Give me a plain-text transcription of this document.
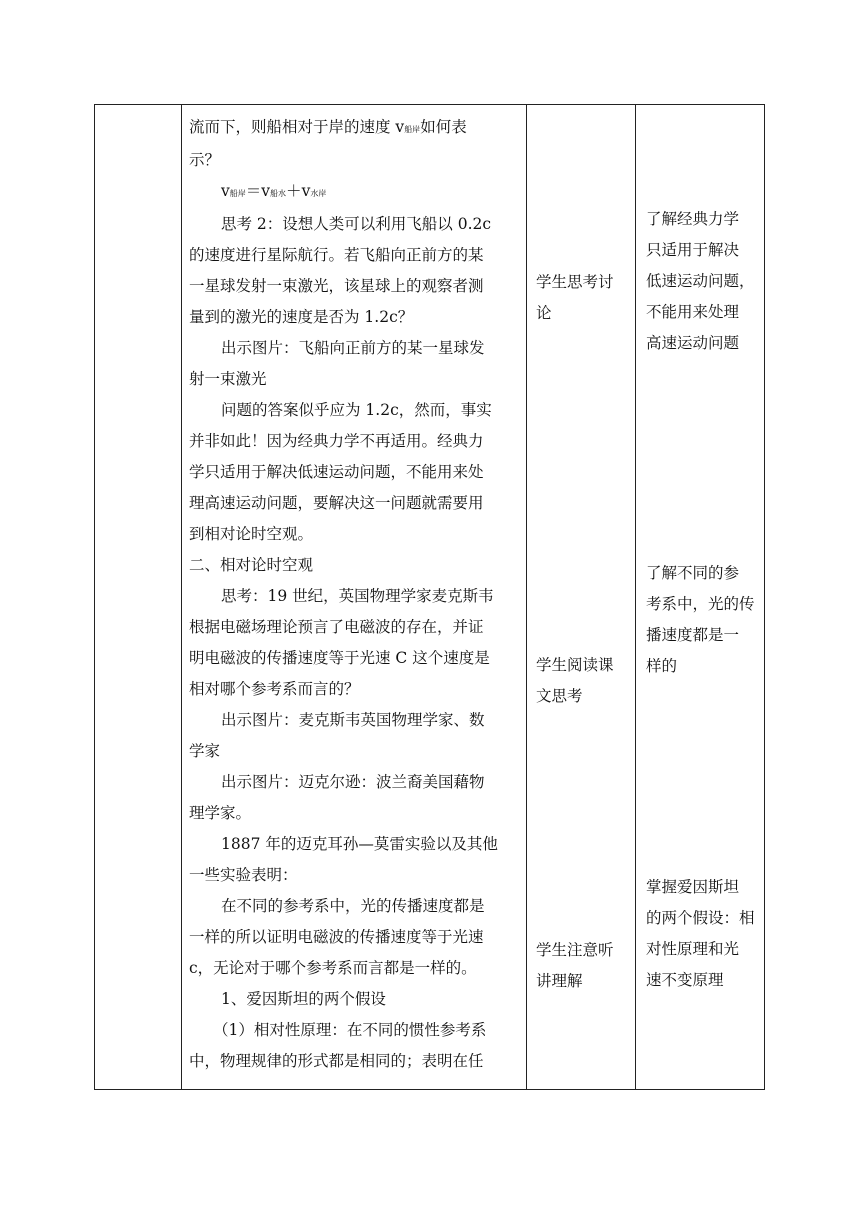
流而下，则船相对于岸的速度 v船岸如何表

示？

v船岸＝v船水＋v水岸

思考 2：设想人类可以利用飞船以 0.2c

的速度进行星际航行。若飞船向正前方的某

一星球发射一束激光，该星球上的观察者测

量到的激光的速度是否为 1.2c？

出示图片：飞船向正前方的某一星球发

射一束激光

问题的答案似乎应为 1.2c，然而，事实

并非如此！因为经典力学不再适用。经典力

学只适用于解决低速运动问题，不能用来处

理高速运动问题，要解决这一问题就需要用

到相对论时空观。

二、相对论时空观

思考：19 世纪，英国物理学家麦克斯韦

根据电磁场理论预言了电磁波的存在，并证

明电磁波的传播速度等于光速 C 这个速度是

相对哪个参考系而言的？

出示图片：麦克斯韦英国物理学家、数

学家

出示图片：迈克尔逊：波兰裔美国藉物

理学家。

1887 年的迈克耳孙—莫雷实验以及其他

一些实验表明：

在不同的参考系中，光的传播速度都是

一样的所以证明电磁波的传播速度等于光速

c，无论对于哪个参考系而言都是一样的。

1、爱因斯坦的两个假设

（1）相对性原理：在不同的惯性参考系

中，物理规律的形式都是相同的；表明在任

学生思考讨

论

学生阅读课

文思考

学生注意听

讲理解

了解经典力学

只适用于解决

低速运动问题，

不能用来处理

高速运动问题

了解不同的参

考系中，光的传

播速度都是一

样的

掌握爱因斯坦

的两个假设：相

对性原理和光

速不变原理
